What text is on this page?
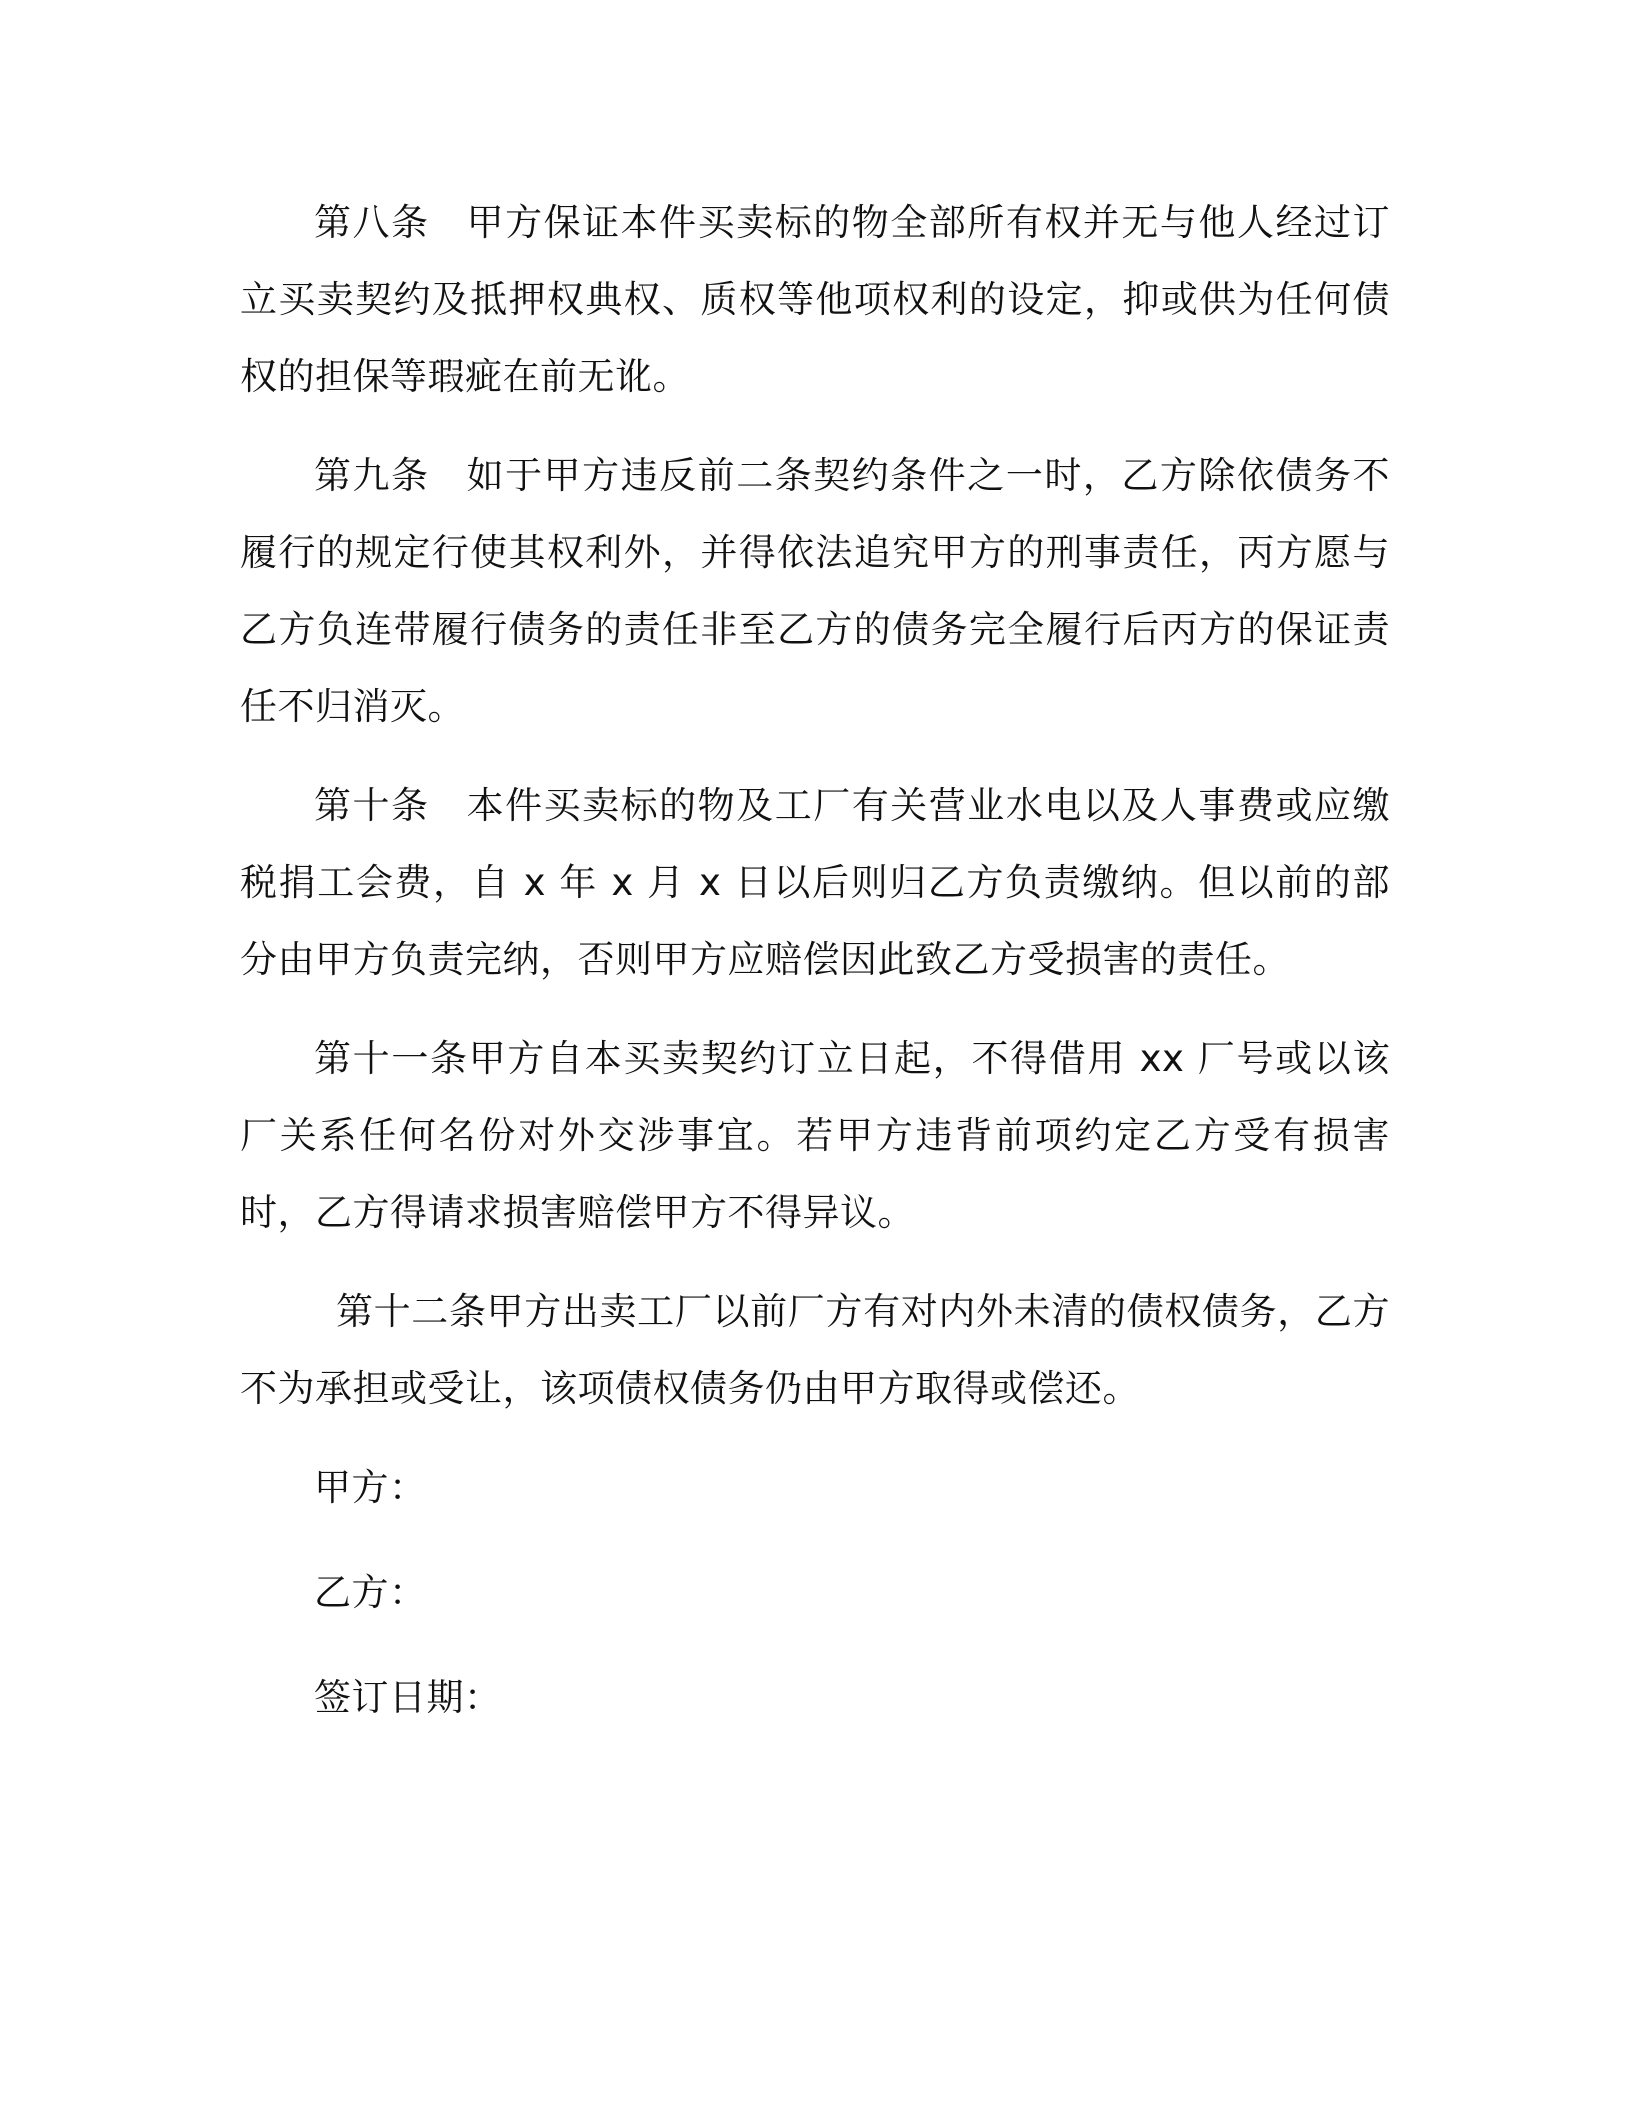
第八条 甲方保证本件买卖标的物全部所有权并无与他人经过订立买卖契约及抵押权典权、质权等他项权利的设定，抑或供为任何债权的担保等瑕疵在前无讹。

第九条 如于甲方违反前二条契约条件之一时，乙方除依债务不履行的规定行使其权利外，并得依法追究甲方的刑事责任，丙方愿与乙方负连带履行债务的责任非至乙方的债务完全履行后丙方的保证责任不归消灭。

第十条 本件买卖标的物及工厂有关营业水电以及人事费或应缴税捐工会费，自 x 年 x 月 x 日以后则归乙方负责缴纳。但以前的部分由甲方负责完纳，否则甲方应赔偿因此致乙方受损害的责任。

第十一条甲方自本买卖契约订立日起，不得借用 xx 厂号或以该厂关系任何名份对外交涉事宜。若甲方违背前项约定乙方受有损害时，乙方得请求损害赔偿甲方不得异议。

第十二条甲方出卖工厂以前厂方有对内外未清的债权债务，乙方不为承担或受让，该项债权债务仍由甲方取得或偿还。

甲方：
乙方：
签订日期：
